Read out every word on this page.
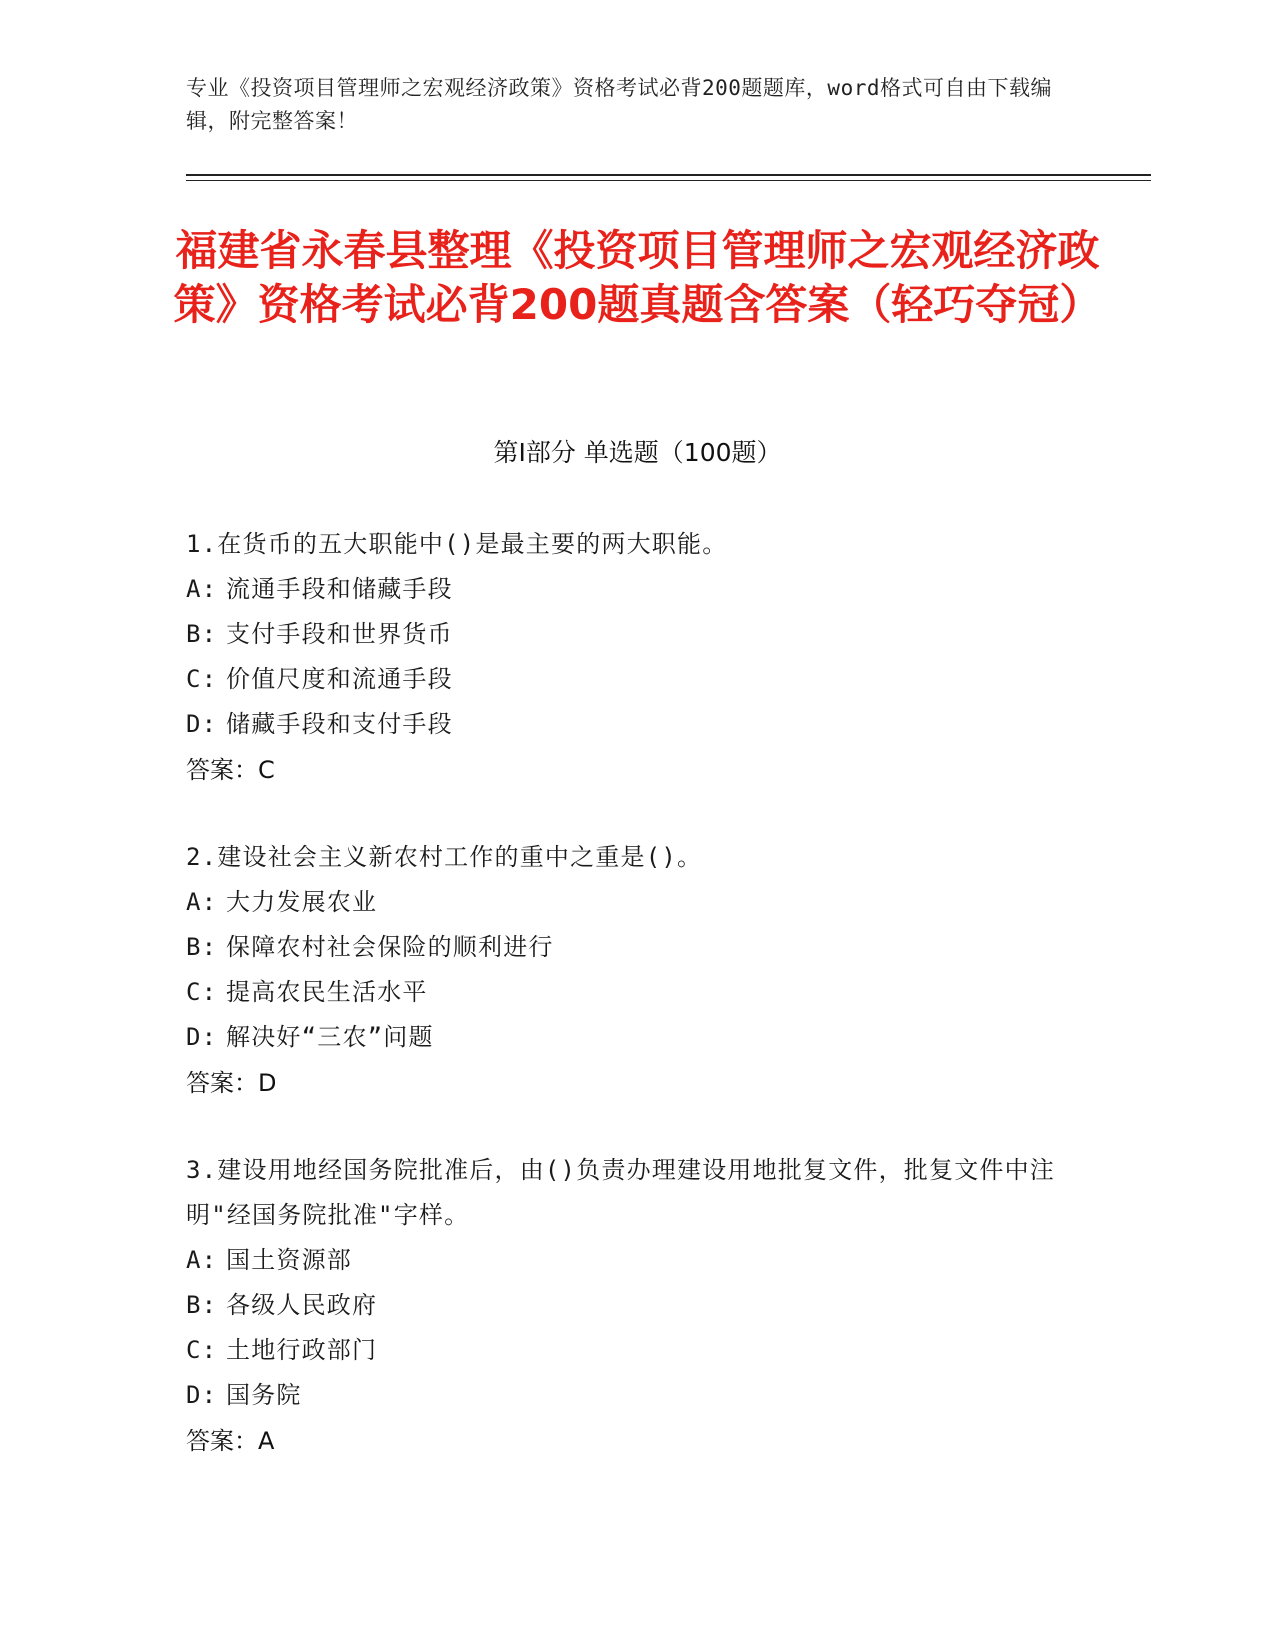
专业《投资项目管理师之宏观经济政策》资格考试必背200题题库，word格式可自由下载编辑，附完整答案！
福建省永春县整理《投资项目管理师之宏观经济政策》资格考试必背200题真题含答案（轻巧夺冠）
第I部分 单选题（100题）
1.在货币的五大职能中()是最主要的两大职能。
A: 流通手段和储藏手段
B: 支付手段和世界货币
C: 价值尺度和流通手段
D: 储藏手段和支付手段
答案：C
2.建设社会主义新农村工作的重中之重是()。
A: 大力发展农业
B: 保障农村社会保险的顺利进行
C: 提高农民生活水平
D: 解决好“三农”问题
答案：D
3.建设用地经国务院批准后，由()负责办理建设用地批复文件，批复文件中注明"经国务院批准"字样。
A: 国土资源部
B: 各级人民政府
C: 土地行政部门
D: 国务院
答案：A
